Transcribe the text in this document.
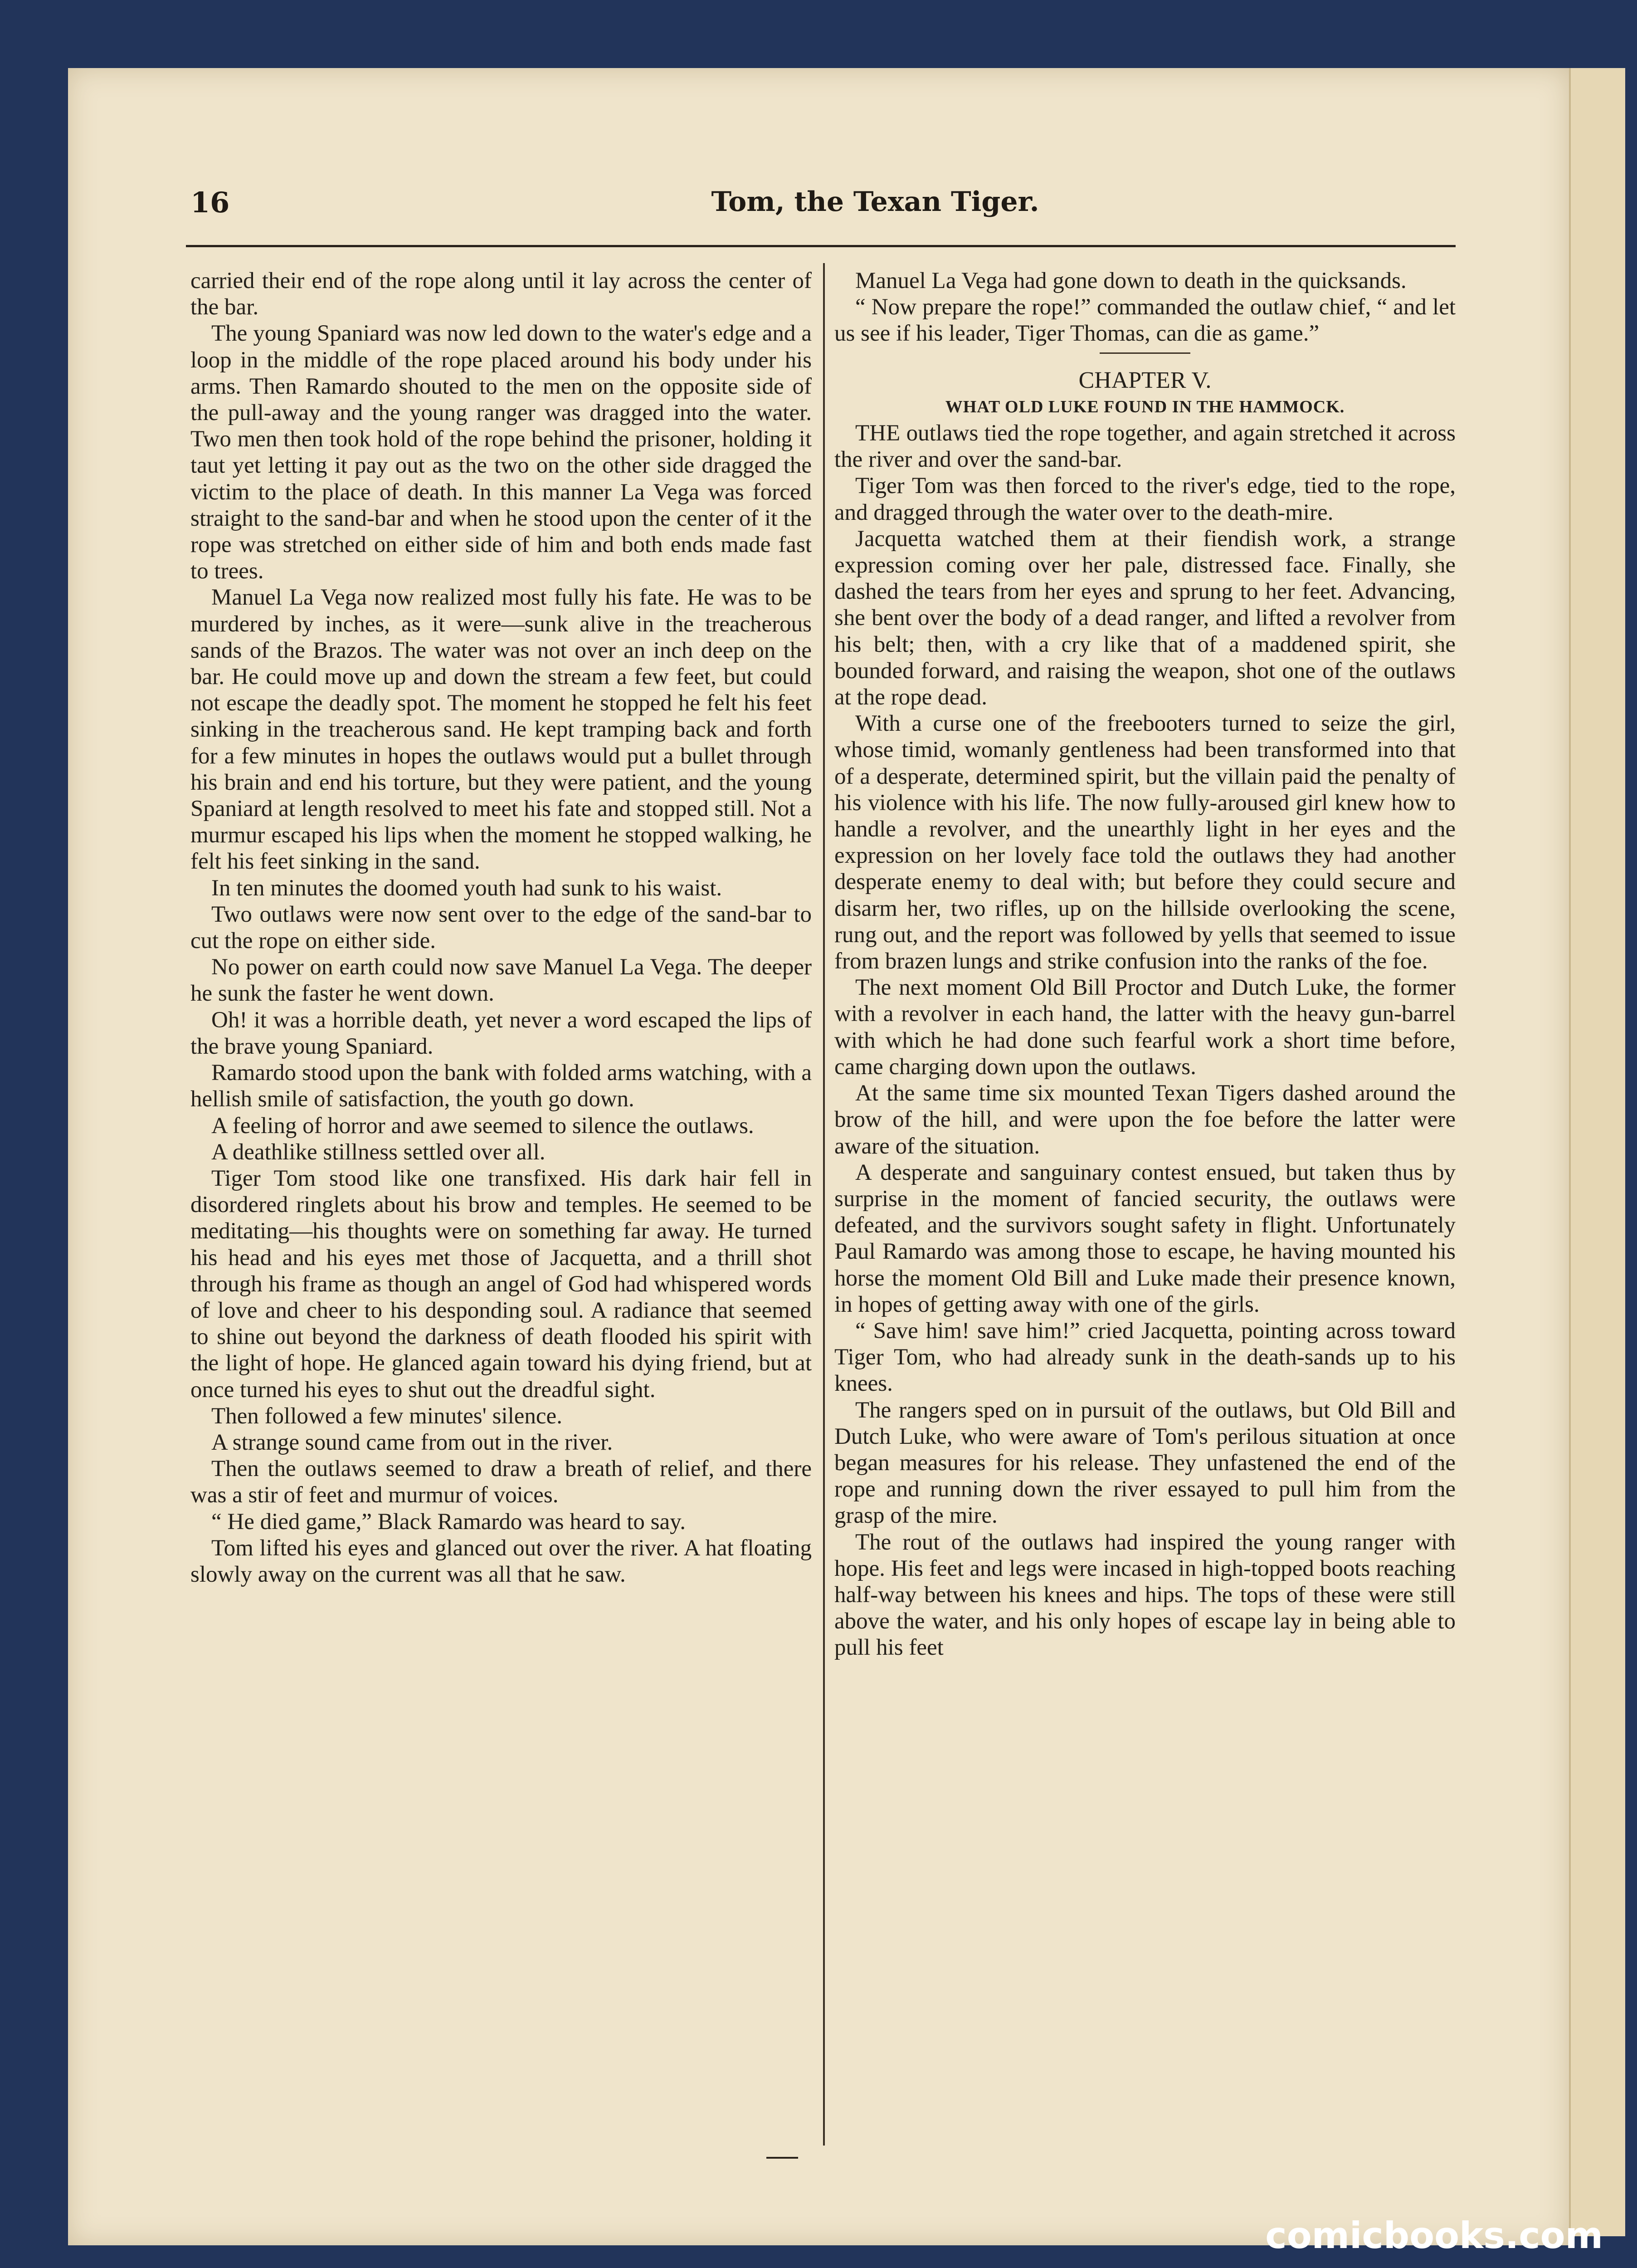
Tom, the Texan Tiger.
16

carried their end of the rope along until it lay across the center of the bar.

The young Spaniard was now led down to the water's edge and a loop in the middle of the rope placed around his body under his arms. Then Ramardo shouted to the men on the opposite side of the pull-away and the young ranger was dragged into the water. Two men then took hold of the rope behind the prisoner, holding it taut yet letting it pay out as the two on the other side dragged the victim to the place of death. In this manner La Vega was forced straight to the sand-bar and when he stood upon the center of it the rope was stretched on either side of him and both ends made fast to trees.

Manuel La Vega now realized most fully his fate. He was to be murdered by inches, as it were—sunk alive in the treacherous sands of the Brazos. The water was not over an inch deep on the bar. He could move up and down the stream a few feet, but could not escape the deadly spot. The moment he stopped he felt his feet sinking in the treacherous sand. He kept tramping back and forth for a few minutes in hopes the outlaws would put a bullet through his brain and end his torture, but they were patient, and the young Spaniard at length resolved to meet his fate and stopped still. Not a murmur escaped his lips when the moment he stopped walking, he felt his feet sinking in the sand.

In ten minutes the doomed youth had sunk to his waist.

Two outlaws were now sent over to the edge of the sand-bar to cut the rope on either side.

No power on earth could now save Manuel La Vega. The deeper he sunk the faster he went down.

Oh! it was a horrible death, yet never a word escaped the lips of the brave young Spaniard.

Ramardo stood upon the bank with folded arms watching, with a hellish smile of satisfaction, the youth go down.

A feeling of horror and awe seemed to silence the outlaws.

A deathlike stillness settled over all.

Tiger Tom stood like one transfixed. His dark hair fell in disordered ringlets about his brow and temples. He seemed to be meditating—his thoughts were on something far away. He turned his head and his eyes met those of Jacquetta, and a thrill shot through his frame as though an angel of God had whispered words of love and cheer to his desponding soul. A radiance that seemed to shine out beyond the darkness of death flooded his spirit with the light of hope. He glanced again toward his dying friend, but at once turned his eyes to shut out the dreadful sight.

Then followed a few minutes' silence.

A strange sound came from out in the river.

Then the outlaws seemed to draw a breath of relief, and there was a stir of feet and murmur of voices.

“ He died game,” Black Ramardo was heard to say.

Tom lifted his eyes and glanced out over the river. A hat floating slowly away on the current was all that he saw.

Manuel La Vega had gone down to death in the quicksands.

“ Now prepare the rope!” commanded the outlaw chief, “ and let us see if his leader, Tiger Thomas, can die as game.”

CHAPTER V.

WHAT OLD LUKE FOUND IN THE HAMMOCK.

THE outlaws tied the rope together, and again stretched it across the river and over the sand-bar.

Tiger Tom was then forced to the river's edge, tied to the rope, and dragged through the water over to the death-mire.

Jacquetta watched them at their fiendish work, a strange expression coming over her pale, distressed face. Finally, she dashed the tears from her eyes and sprung to her feet. Advancing, she bent over the body of a dead ranger, and lifted a revolver from his belt; then, with a cry like that of a maddened spirit, she bounded forward, and raising the weapon, shot one of the outlaws at the rope dead.

With a curse one of the freebooters turned to seize the girl, whose timid, womanly gentleness had been transformed into that of a desperate, determined spirit, but the villain paid the penalty of his violence with his life. The now fully-aroused girl knew how to handle a revolver, and the unearthly light in her eyes and the expression on her lovely face told the outlaws they had another desperate enemy to deal with; but before they could secure and disarm her, two rifles, up on the hillside overlooking the scene, rung out, and the report was followed by yells that seemed to issue from brazen lungs and strike confusion into the ranks of the foe.

The next moment Old Bill Proctor and Dutch Luke, the former with a revolver in each hand, the latter with the heavy gun-barrel with which he had done such fearful work a short time before, came charging down upon the outlaws.

At the same time six mounted Texan Tigers dashed around the brow of the hill, and were upon the foe before the latter were aware of the situation.

A desperate and sanguinary contest ensued, but taken thus by surprise in the moment of fancied security, the outlaws were defeated, and the survivors sought safety in flight. Unfortunately Paul Ramardo was among those to escape, he having mounted his horse the moment Old Bill and Luke made their presence known, in hopes of getting away with one of the girls.

“ Save him! save him!” cried Jacquetta, pointing across toward Tiger Tom, who had already sunk in the death-sands up to his knees.

The rangers sped on in pursuit of the outlaws, but Old Bill and Dutch Luke, who were aware of Tom's perilous situation at once began measures for his release. They unfastened the end of the rope and running down the river essayed to pull him from the grasp of the mire.

The rout of the outlaws had inspired the young ranger with hope. His feet and legs were incased in high-topped boots reaching half-way between his knees and hips. The tops of these were still above the water, and his only hopes of escape lay in being able to pull his feet

comicbooks.com
